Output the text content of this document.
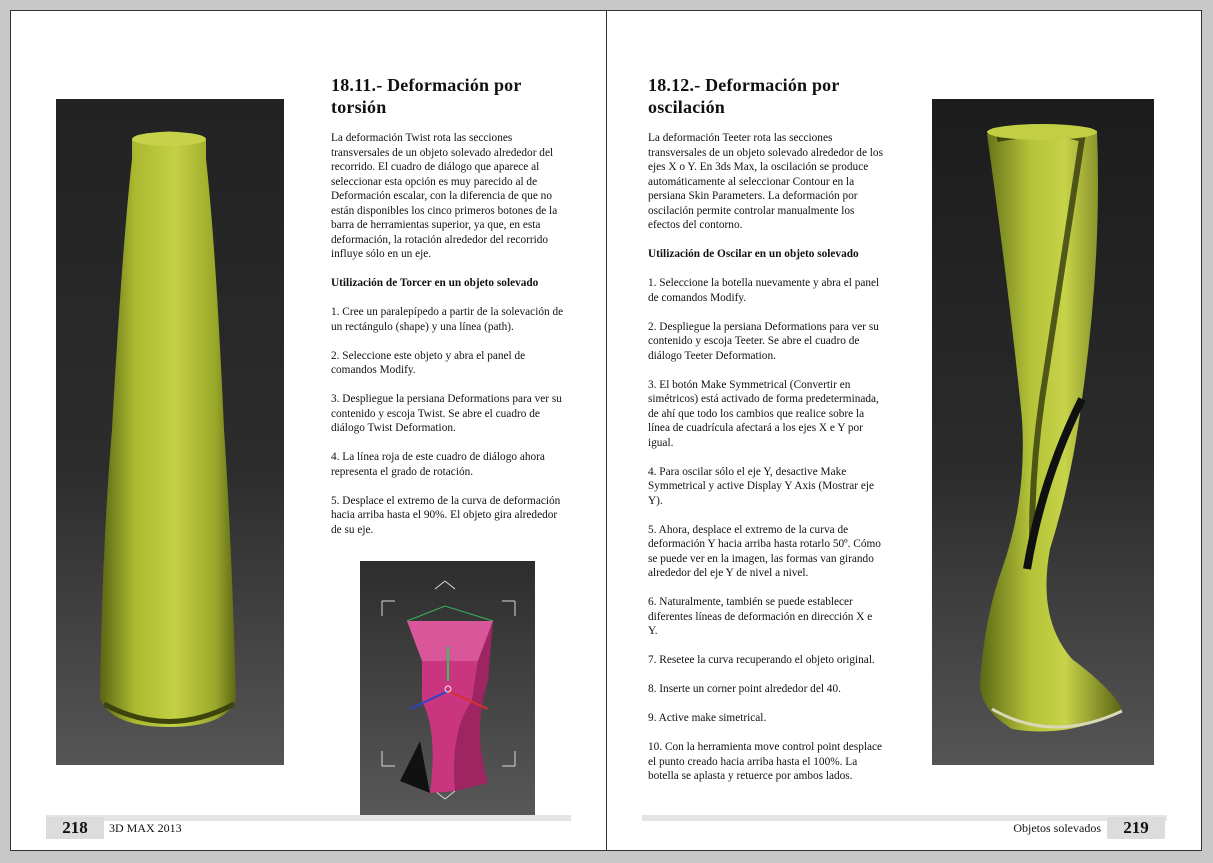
18.11.- Deformación por torsión

La deformación Twist rota las secciones transversales de un objeto solevado alrededor del recorrido. El cuadro de diálogo que aparece al seleccionar esta opción es muy parecido al de Deformación escalar, con la diferencia de que no están disponibles los cinco primeros botones de la barra de herramientas superior, ya que, en esta deformación, la rotación alrededor del recorrido influye sólo en un eje.

Utilización de Torcer en un objeto solevado

1. Cree un paralepípedo a partir de la solevación de un rectángulo (shape) y una línea (path).

2. Seleccione este objeto y abra el panel de comandos Modify.

3. Despliegue la persiana Deformations para ver su contenido y escoja Twist. Se abre el cuadro de diálogo Twist Deformation.

4. La línea roja de este cuadro de diálogo ahora representa el grado de rotación.

5. Desplace el extremo de la curva de deformación hacia arriba hasta el 90%. El objeto gira alrededor de su eje.

218	3D MAX 2013
18.12.- Deformación por oscilación

La deformación Teeter rota las secciones transversales de un objeto solevado alrededor de los ejes X o Y. En 3ds Max, la oscilación se produce automáticamente al seleccionar Contour en la persiana Skin Parameters. La deformación por oscilación permite controlar manualmente los efectos del contorno.

Utilización de Oscilar en un objeto solevado

1. Seleccione la botella nuevamente y abra el panel de comandos Modify.

2. Despliegue la persiana Deformations para ver su contenido y escoja Teeter. Se abre el cuadro de diálogo Teeter Deformation.

3. El botón Make Symmetrical (Convertir en simétricos) está activado de forma predeterminada, de ahí que todo los cambios que realice sobre la línea de cuadrícula afectará a los ejes X e Y por igual.

4. Para oscilar sólo el eje Y, desactive Make Symmetrical y active Display Y Axis (Mostrar eje Y).

5. Ahora, desplace el extremo de la curva de deformación Y hacia arriba hasta rotarlo 50º. Cómo se puede ver en la imagen, las formas van girando alrededor del eje Y de nivel a nivel.

6. Naturalmente, también se puede establecer diferentes líneas de deformación en dirección X e Y.

7. Resetee la curva recuperando el objeto original.

8. Inserte un corner point alrededor del 40.

9. Active make simetrical.

10. Con la herramienta move control point desplace el punto creado hacia arriba hasta el 100%. La botella se aplasta y retuerce por ambos lados.

Objetos solevados	219
